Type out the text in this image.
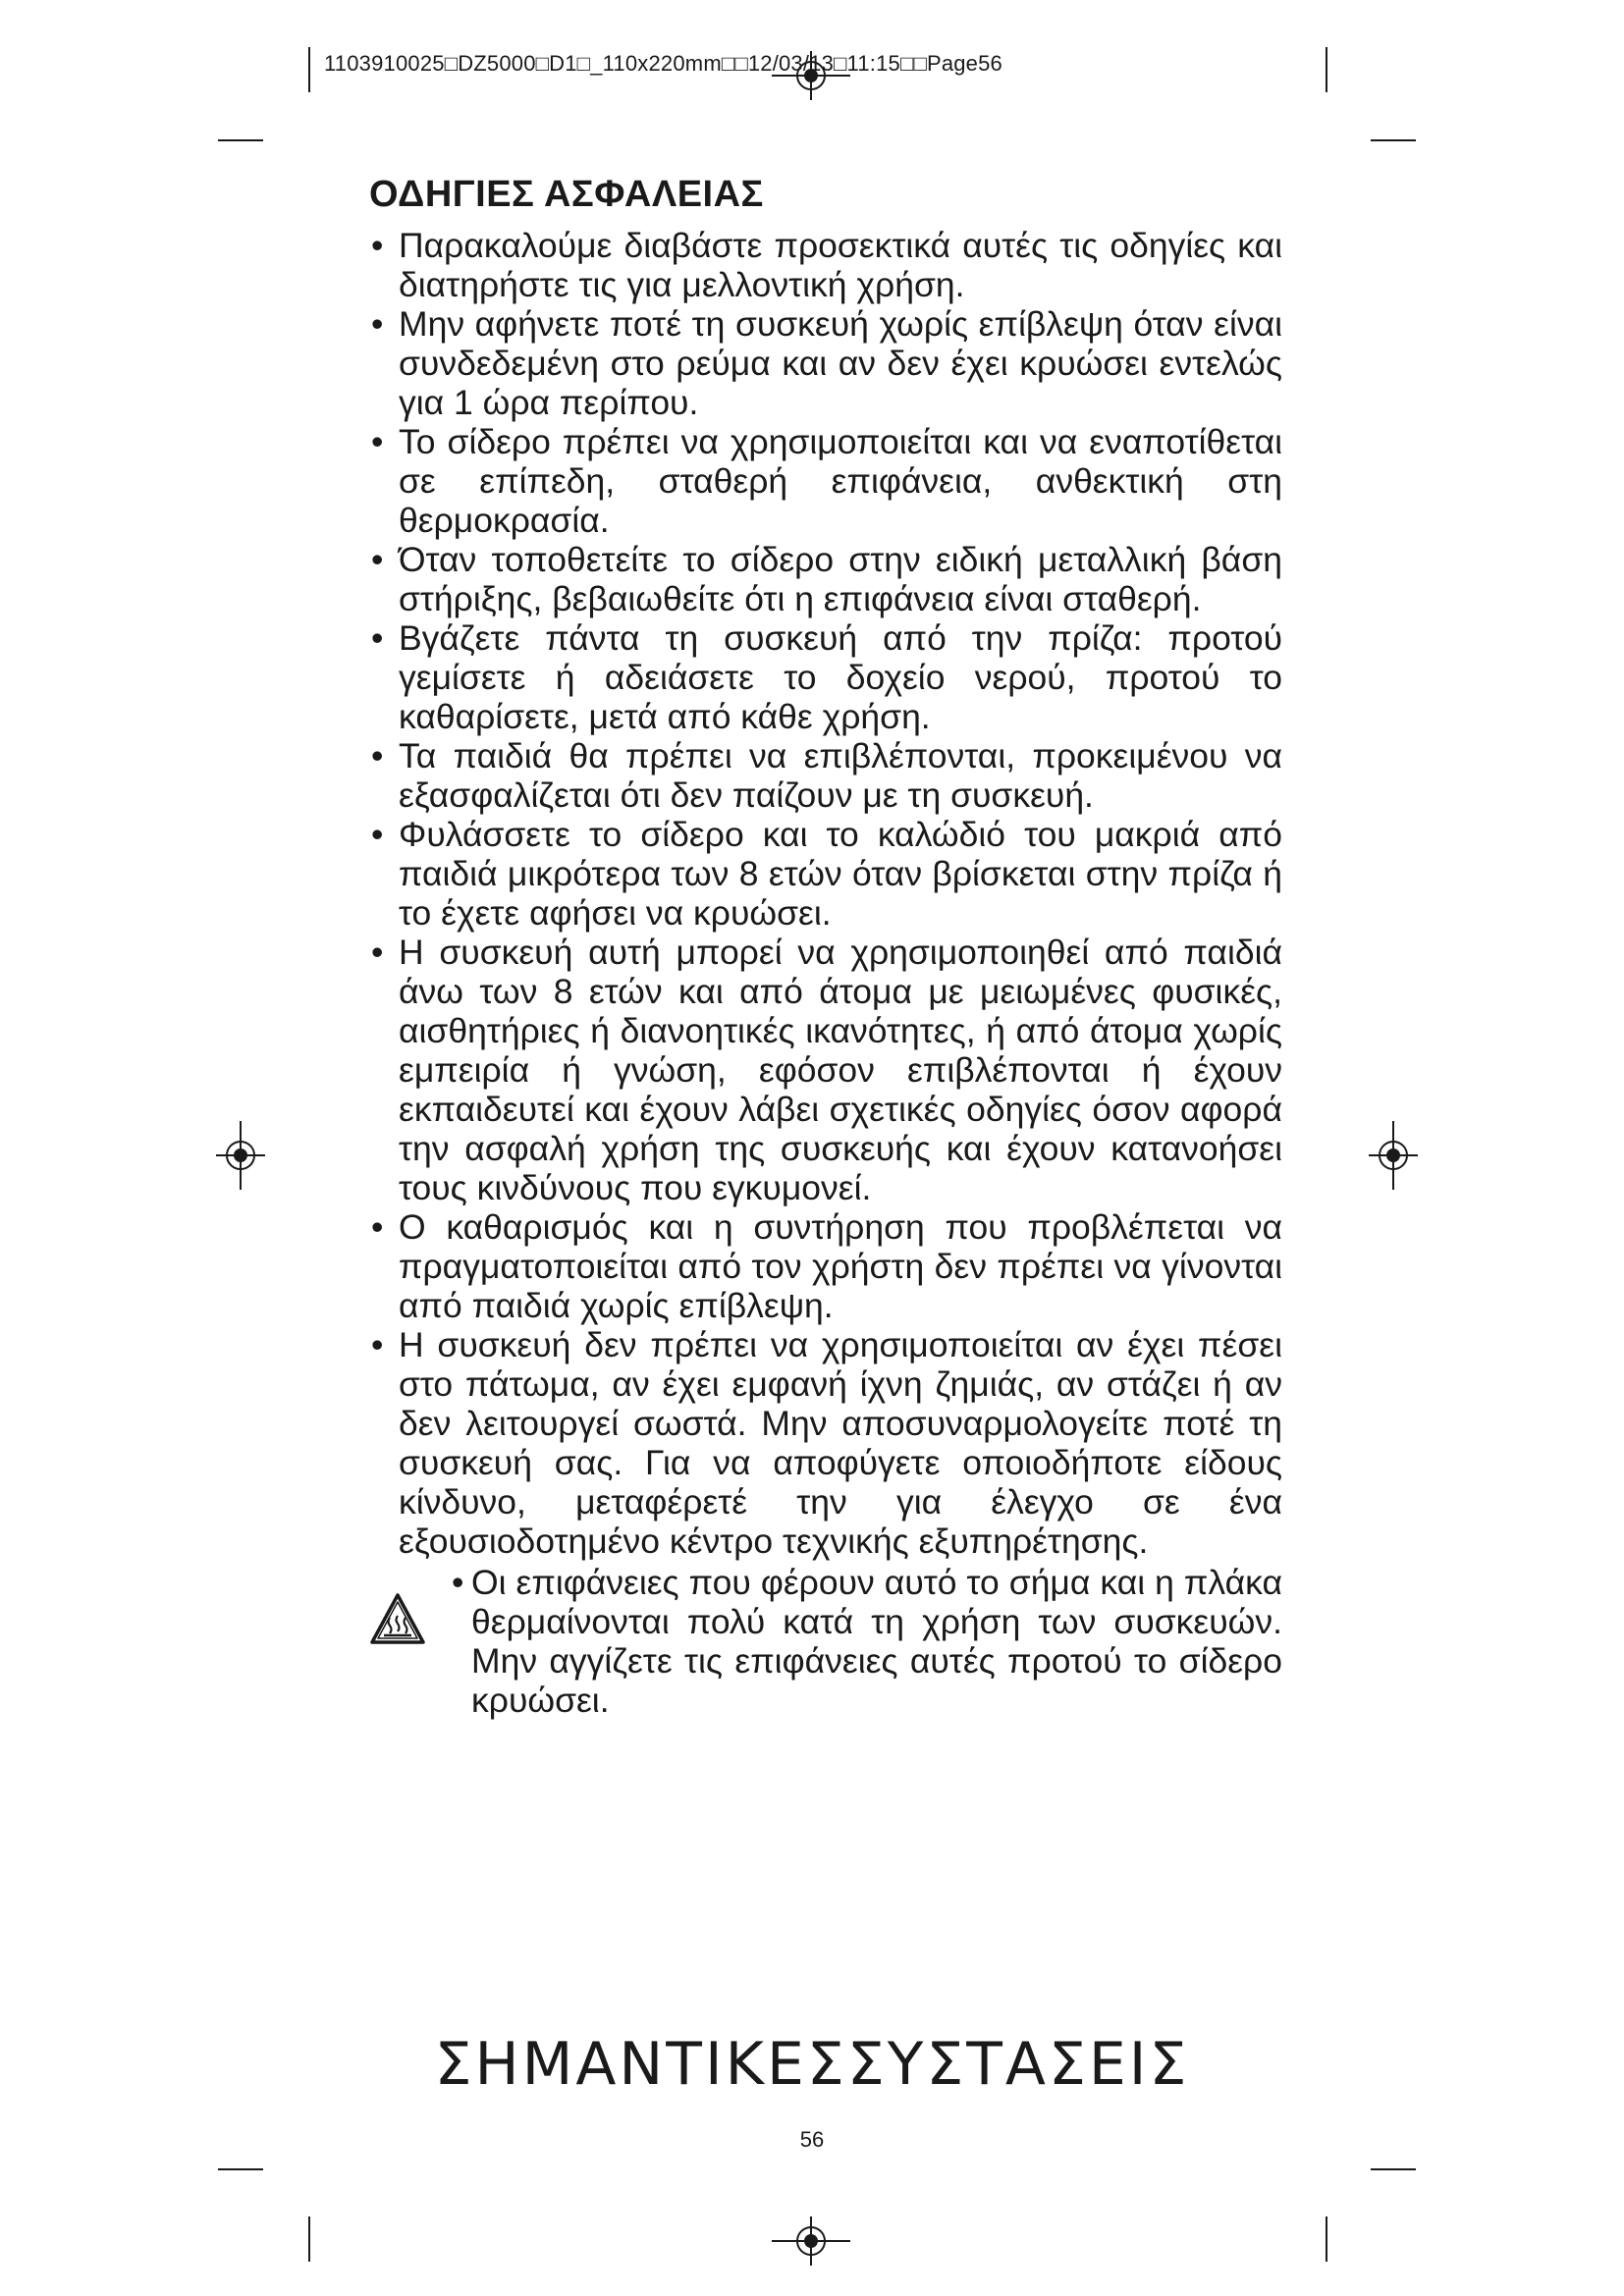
1103910025□DZ5000□D1□_110x220mm□□12/03/13□11:15□□Page56
ΟΔΗΓΙΕΣ ΑΣΦΑΛΕΙΑΣ
• Παρακαλούμε διαβάστε προσεκτικά αυτές τις οδηγίες και διατηρήστε τις για μελλοντική χρήση.
• Μην αφήνετε ποτέ τη συσκευή χωρίς επίβλεψη όταν είναι συνδεδεμένη στο ρεύμα και αν δεν έχει κρυώσει εντελώς για 1 ώρα περίπου.
• Το σίδερο πρέπει να χρησιμοποιείται και να εναποτίθεται σε επίπεδη, σταθερή επιφάνεια, ανθεκτική στη θερμοκρασία.
• Όταν τοποθετείτε το σίδερο στην ειδική μεταλλική βάση στήριξης, βεβαιωθείτε ότι η επιφάνεια είναι σταθερή.
• Βγάζετε πάντα τη συσκευή από την πρίζα: προτού γεμίσετε ή αδειάσετε το δοχείο νερού, προτού το καθαρίσετε, μετά από κάθε χρήση.
• Τα παιδιά θα πρέπει να επιβλέπονται, προκειμένου να εξασφαλίζεται ότι δεν παίζουν με τη συσκευή.
• Φυλάσσετε το σίδερο και το καλώδιό του μακριά από παιδιά μικρότερα των 8 ετών όταν βρίσκεται στην πρίζα ή το έχετε αφήσει να κρυώσει.
• Η συσκευή αυτή μπορεί να χρησιμοποιηθεί από παιδιά άνω των 8 ετών και από άτομα με μειωμένες φυσικές, αισθητήριες ή διανοητικές ικανότητες, ή από άτομα χωρίς εμπειρία ή γνώση, εφόσον επιβλέπονται ή έχουν εκπαιδευτεί και έχουν λάβει σχετικές οδηγίες όσον αφορά την ασφαλή χρήση της συσκευής και έχουν κατανοήσει τους κινδύνους που εγκυμονεί.
• Ο καθαρισμός και η συντήρηση που προβλέπεται να πραγματοποιείται από τον χρήστη δεν πρέπει να γίνονται από παιδιά χωρίς επίβλεψη.
• Η συσκευή δεν πρέπει να χρησιμοποιείται αν έχει πέσει στο πάτωμα, αν έχει εμφανή ίχνη ζημιάς, αν στάζει ή αν δεν λειτουργεί σωστά. Μην αποσυναρμολογείτε ποτέ τη συσκευή σας. Για να αποφύγετε οποιοδήποτε είδους κίνδυνο, μεταφέρετέ την για έλεγχο σε ένα εξουσιοδοτημένο κέντρο τεχνικής εξυπηρέτησης.
• Οι επιφάνειες που φέρουν αυτό το σήμα και η πλάκα θερμαίνονται πολύ κατά τη χρήση των συσκευών. Μην αγγίζετε τις επιφάνειες αυτές προτού το σίδερο κρυώσει.
ΣΗΜΑΝΤΙΚΕΣΣΥΣΤΑΣΕΙΣ
56
